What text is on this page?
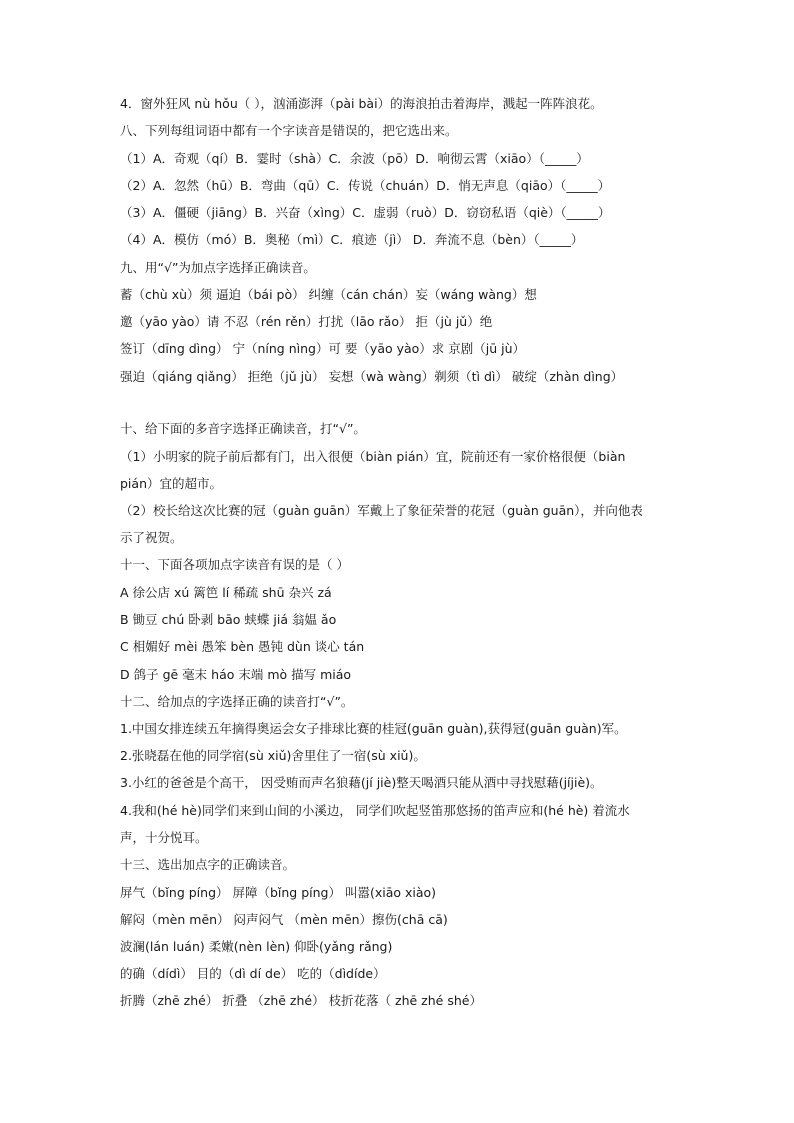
4．窗外狂风 nù hǒu（ ），汹涌澎湃（pài bài）的海浪拍击着海岸，溅起一阵阵浪花。
八、下列每组词语中都有一个字读音是错误的，把它选出来。
（1）A．奇观（qí）B．霎时（shà）C．余波（pō）D．响彻云霄（xiāo）（_____）
（2）A．忽然（hū）B．弯曲（qū）C．传说（chuán）D．悄无声息（qiāo）（_____）
（3）A．僵硬（jiāng）B．兴奋（xìng）C．虚弱（ruò）D．窃窃私语（qiè）（_____）
（4）A．模仿（mó）B．奥秘（mì）C．痕迹（jì） D．奔流不息（bèn）（_____）
九、用“√”为加点字选择正确读音。
蓄（chù xù）须 逼迫（bái pò） 纠缠（cán chán）妄（wáng wàng）想
邀（yāo yào）请 不忍（rén rěn）打扰（lāo rǎo） 拒（jù jǔ）绝
签订（dīng dìng） 宁（níng nìng）可 要（yāo yào）求 京剧（jū jù）
强迫（qiáng qiǎng） 拒绝（jǔ jù） 妄想（wà wàng）剃须（tì dì） 破绽（zhàn dìng）
十、给下面的多音字选择正确读音，打“√”。
（1）小明家的院子前后都有门，出入很便（biàn pián）宜，院前还有一家价格很便（biàn
pián）宜的超市。
（2）校长给这次比赛的冠（guàn guān）军戴上了象征荣誉的花冠（guàn guān），并向他表
示了祝贺。
十一、下面各项加点字读音有误的是（ ）
A 徐公店 xú 篱笆 lí 稀疏 shū 杂兴 zá
B 锄豆 chú 卧剥 bāo 蛱蝶 jiá 翁媪 ǎo
C 相媚好 mèi 愚笨 bèn 愚钝 dùn 谈心 tán
D 鸽子 gē 毫末 háo 末端 mò 描写 miáo
十二、给加点的字选择正确的读音打“√”。
1.中国女排连续五年摘得奥运会女子排球比赛的桂冠(guān guàn),获得冠(guān guàn)军。
2.张晓磊在他的同学宿(sù xiǔ)舍里住了一宿(sù xiǔ)。
3.小红的爸爸是个高干， 因受贿而声名狼藉(jí jiè)整天喝酒只能从酒中寻找慰藉(jíjiè)。
4.我和(hé hè)同学们来到山间的小溪边， 同学们吹起竖笛那悠扬的笛声应和(hé hè) 着流水
声，十分悦耳。
十三、选出加点字的正确读音。
屏气（bǐng píng） 屏障（bǐng píng） 叫嚣(xiāo xiào)
解闷（mèn mēn） 闷声闷气 （mèn mēn）擦伤(chā cā)
波澜(lán luán) 柔嫩(nèn lèn) 仰卧(yǎng rǎng)
的确（dídì） 目的（dì dí de） 吃的（dìdíde）
折腾（zhē zhé） 折叠 （zhē zhé） 枝折花落（ zhē zhé shé）
